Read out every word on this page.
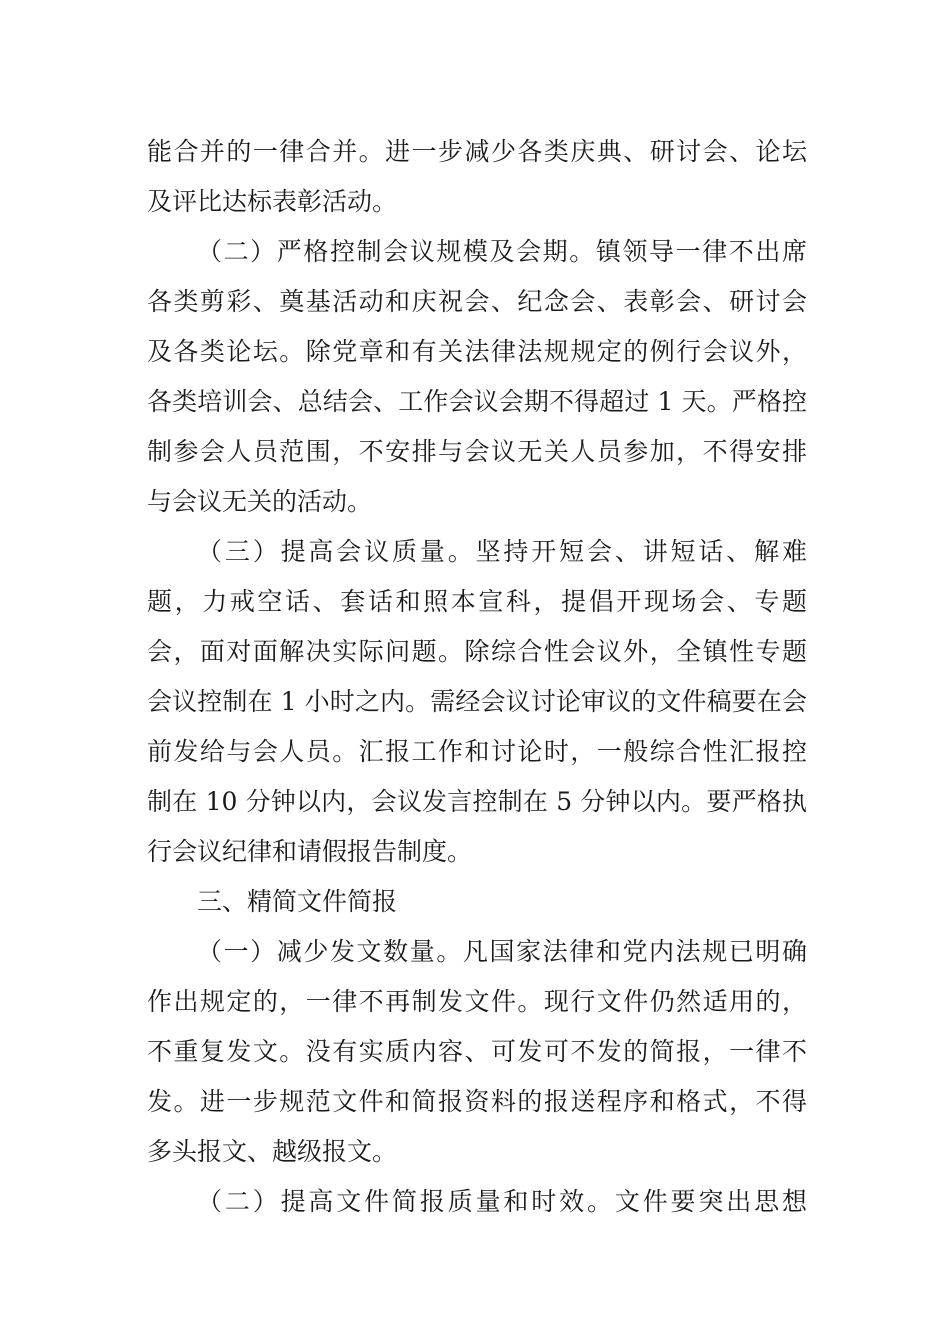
能合并的一律合并。进一步减少各类庆典、研讨会、论坛
及评比达标表彰活动。
（二）严格控制会议规模及会期。镇领导一律不出席
各类剪彩、奠基活动和庆祝会、纪念会、表彰会、研讨会
及各类论坛。除党章和有关法律法规规定的例行会议外，
各类培训会、总结会、工作会议会期不得超过 1 天。严格控
制参会人员范围，不安排与会议无关人员参加，不得安排
与会议无关的活动。
（三）提高会议质量。坚持开短会、讲短话、解难
题，力戒空话、套话和照本宣科，提倡开现场会、专题
会，面对面解决实际问题。除综合性会议外，全镇性专题
会议控制在 1 小时之内。需经会议讨论审议的文件稿要在会
前发给与会人员。汇报工作和讨论时，一般综合性汇报控
制在 10 分钟以内，会议发言控制在 5 分钟以内。要严格执
行会议纪律和请假报告制度。
三、精简文件简报
（一）减少发文数量。凡国家法律和党内法规已明确
作出规定的，一律不再制发文件。现行文件仍然适用的，
不重复发文。没有实质内容、可发可不发的简报，一律不
发。进一步规范文件和简报资料的报送程序和格式，不得
多头报文、越级报文。
（二）提高文件简报质量和时效。文件要突出思想
